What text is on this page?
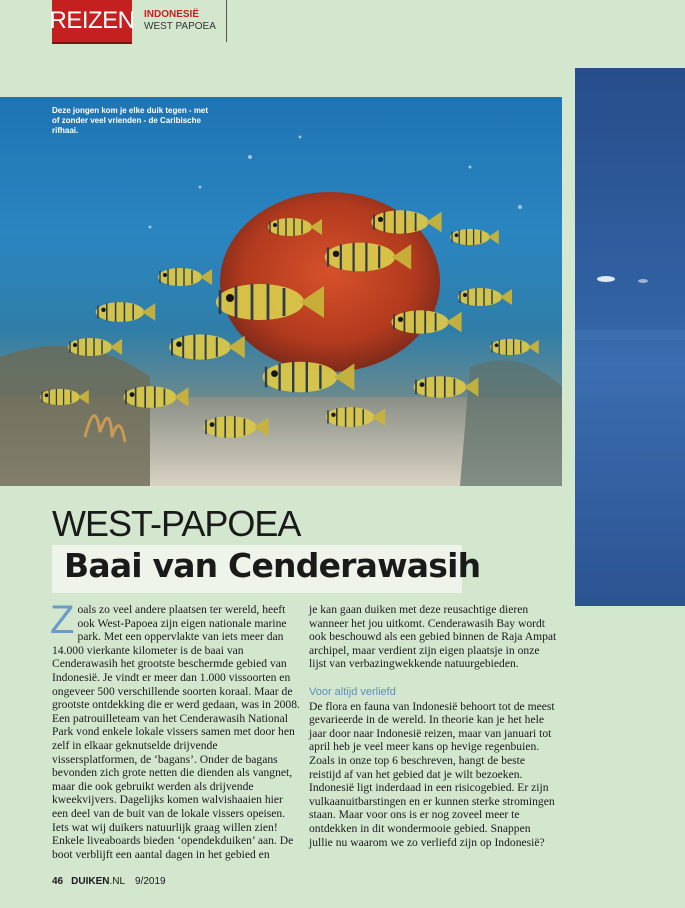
REIZEN INDONESIË
WEST PAPOEA
Deze jongen kom je elke duik tegen - met of zonder veel vrienden - de Caribische rifhaai.
WEST-PAPOEA
Baai van Cenderawasih

Zoals zo veel andere plaatsen ter wereld, heeft ook West-Papoea zijn eigen nationale marine park. Met een oppervlakte van iets meer dan 14.000 vierkante kilometer is de baai van Cenderawasih het grootste beschermde gebied van Indonesië. Je vindt er meer dan 1.000 vissoorten en ongeveer 500 verschillende soorten koraal. Maar de grootste ontdekking die er werd gedaan, was in 2008. Een patrouilleteam van het Cenderawasih National Park vond enkele lokale vissers samen met door hen zelf in elkaar geknutselde drijvende vissersplatformen, de ‘bagans’. Onder de bagans bevonden zich grote netten die dienden als vangnet, maar die ook gebruikt werden als drijvende kweekvijvers. Dagelijks komen walvishaaien hier een deel van de buit van de lokale vissers opeisen. Iets wat wij duikers natuurlijk graag willen zien! Enkele liveaboards bieden ‘opendekduiken’ aan. De boot verblijft een aantal dagen in het gebied en

je kan gaan duiken met deze reusachtige dieren wanneer het jou uitkomt. Cenderawasih Bay wordt ook beschouwd als een gebied binnen de Raja Ampat archipel, maar verdient zijn eigen plaatsje in onze lijst van verbazingwekkende natuurgebieden.

Voor altijd verliefd

De flora en fauna van Indonesië behoort tot de meest gevarieerde in de wereld. In theorie kan je het hele jaar door naar Indonesië reizen, maar van januari tot april heb je veel meer kans op hevige regenbuien. Zoals in onze top 6 beschreven, hangt de beste reistijd af van het gebied dat je wilt bezoeken. Indonesië ligt inderdaad in een risicogebied. Er zijn vulkaanuitbarstingen en er kunnen sterke stromingen staan. Maar voor ons is er nog zoveel meer te ontdekken in dit wondermooie gebied. Snappen jullie nu waarom we zo verliefd zijn op Indonesië?

46 DUIKEN.NL 9/2019
